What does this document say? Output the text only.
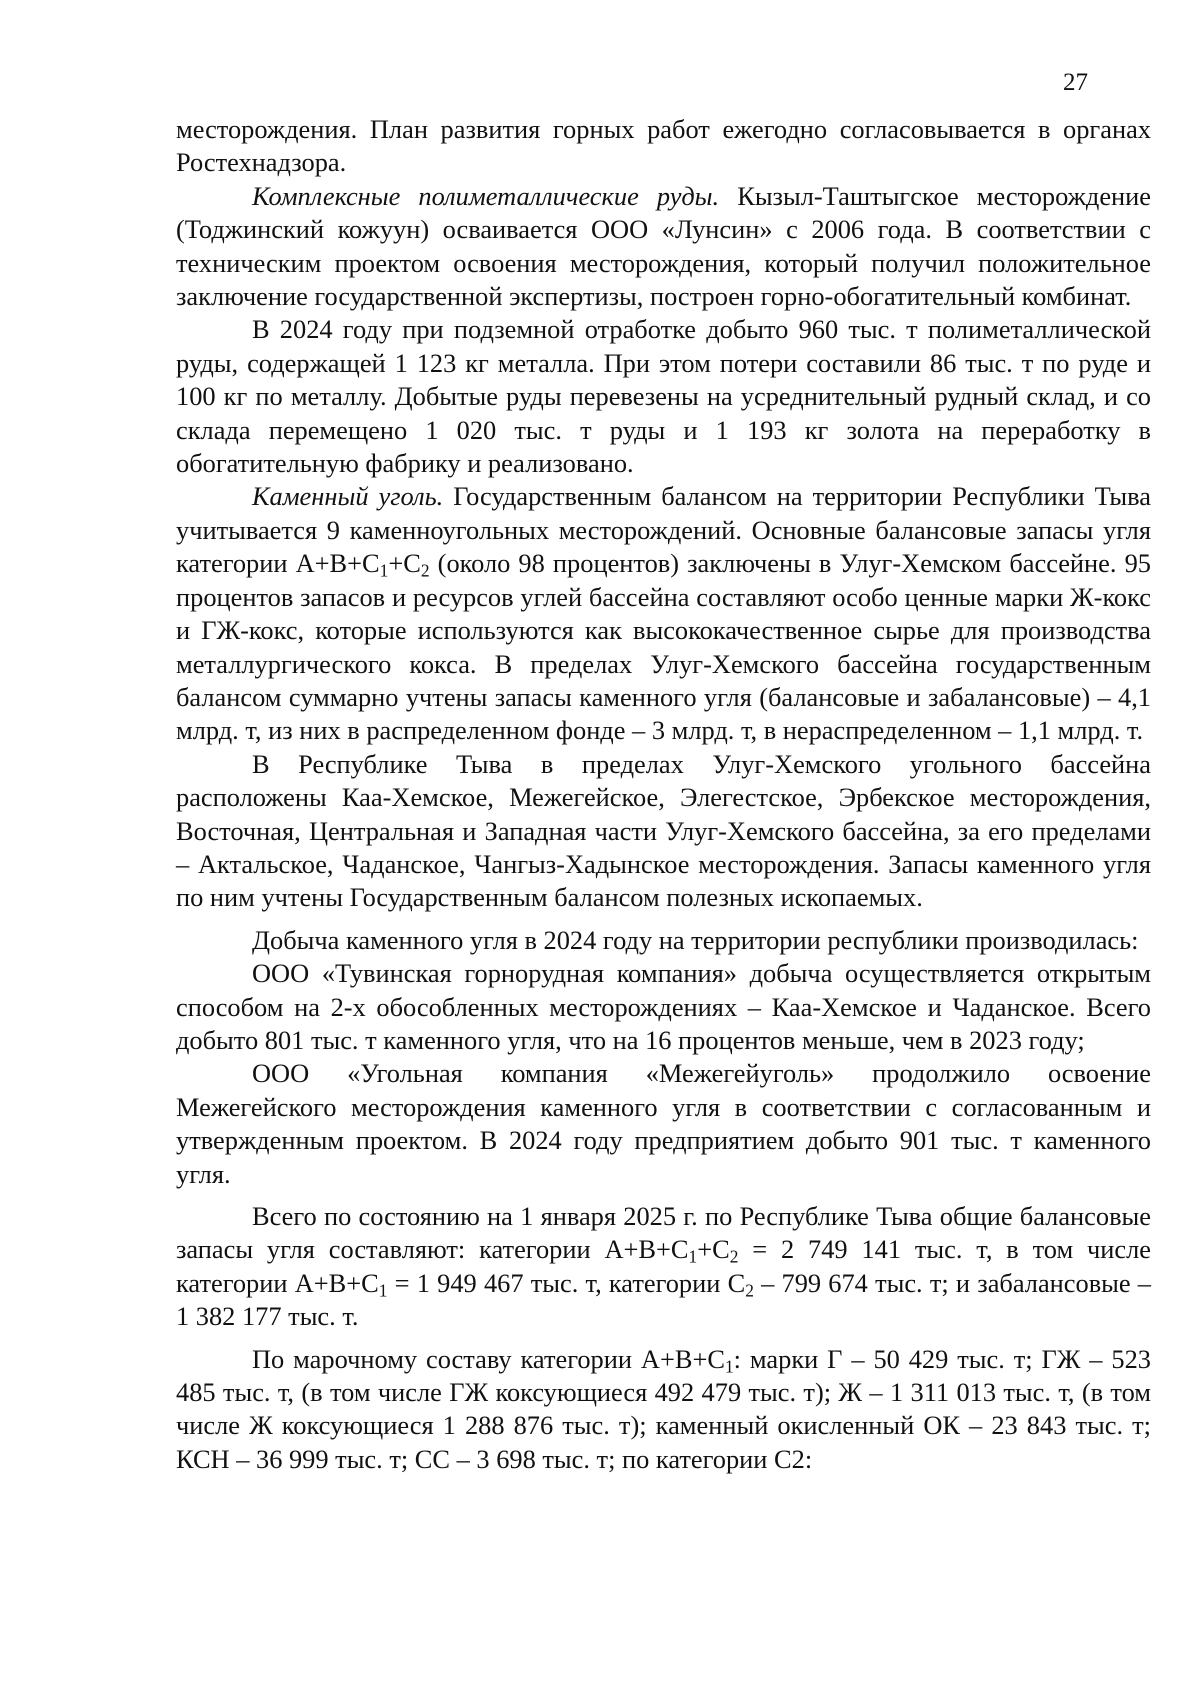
27

месторождения. План развития горных работ ежегодно согласовывается в органах Ростехнадзора.

Комплексные полиметаллические руды. Кызыл-Таштыгское месторождение (Тоджинский кожуун) осваивается ООО «Лунсин» с 2006 года. В соответствии с техническим проектом освоения месторождения, который получил положительное заключение государственной экспертизы, построен горно-обогатительный комбинат.

В 2024 году при подземной отработке добыто 960 тыс. т полиметаллической руды, содержащей 1 123 кг металла. При этом потери составили 86 тыс. т по руде и 100 кг по металлу. Добытые руды перевезены на усреднительный рудный склад, и со склада перемещено 1 020 тыс. т руды и 1 193 кг золота на переработку в обогатительную фабрику и реализовано.

Каменный уголь. Государственным балансом на территории Республики Тыва учитывается 9 каменноугольных месторождений. Основные балансовые запасы угля категории $А+В+С_1+С_2$ (около 98 процентов) заключены в Улуг-Хемском бассейне. 95 процентов запасов и ресурсов углей бассейна составляют особо ценные марки Ж-кокс и ГЖ-кокс, которые используются как высококачественное сырье для производства металлургического кокса. В пределах Улуг-Хемского бассейна государственным балансом суммарно учтены запасы каменного угля (балансовые и забалансовые) – 4,1 млрд. т, из них в распределенном фонде – 3 млрд. т, в нераспределенном – 1,1 млрд. т.

В Республике Тыва в пределах Улуг-Хемского угольного бассейна расположены Каа-Хемское, Межегейское, Элегестское, Эрбекское месторождения, Восточная, Центральная и Западная части Улуг-Хемского бассейна, за его пределами – Актальское, Чаданское, Чангыз-Хадынское месторождения. Запасы каменного угля по ним учтены Государственным балансом полезных ископаемых.

Добыча каменного угля в 2024 году на территории республики производилась:

ООО «Тувинская горнорудная компания» добыча осуществляется открытым способом на 2-х обособленных месторождениях – Каа-Хемское и Чаданское. Всего добыто 801 тыс. т каменного угля, что на 16 процентов меньше, чем в 2023 году;

ООО «Угольная компания «Межегейуголь» продолжило освоение Межегейского месторождения каменного угля в соответствии с согласованным и утвержденным проектом. В 2024 году предприятием добыто 901 тыс. т каменного угля.

Всего по состоянию на 1 января 2025 г. по Республике Тыва общие балансовые запасы угля составляют: категории $А+В+С_1+С_2 = 2$ 749 141 тыс. т, в том числе категории $А+В+С_1 = 1$ 949 467 тыс. т, категории $С_2 - 799$ 674 тыс. т; и забалансовые – 1 382 177 тыс. т.

По марочному составу категории $А+В+С_1$: марки Г – 50 429 тыс. т; ГЖ – 523 485 тыс. т, (в том числе ГЖ коксующиеся 492 479 тыс. т); Ж – 1 311 013 тыс. т, (в том числе Ж коксующиеся 1 288 876 тыс. т); каменный окисленный ОК – 23 843 тыс. т; КСН – 36 999 тыс. т; СС – 3 698 тыс. т; по категории С2:
